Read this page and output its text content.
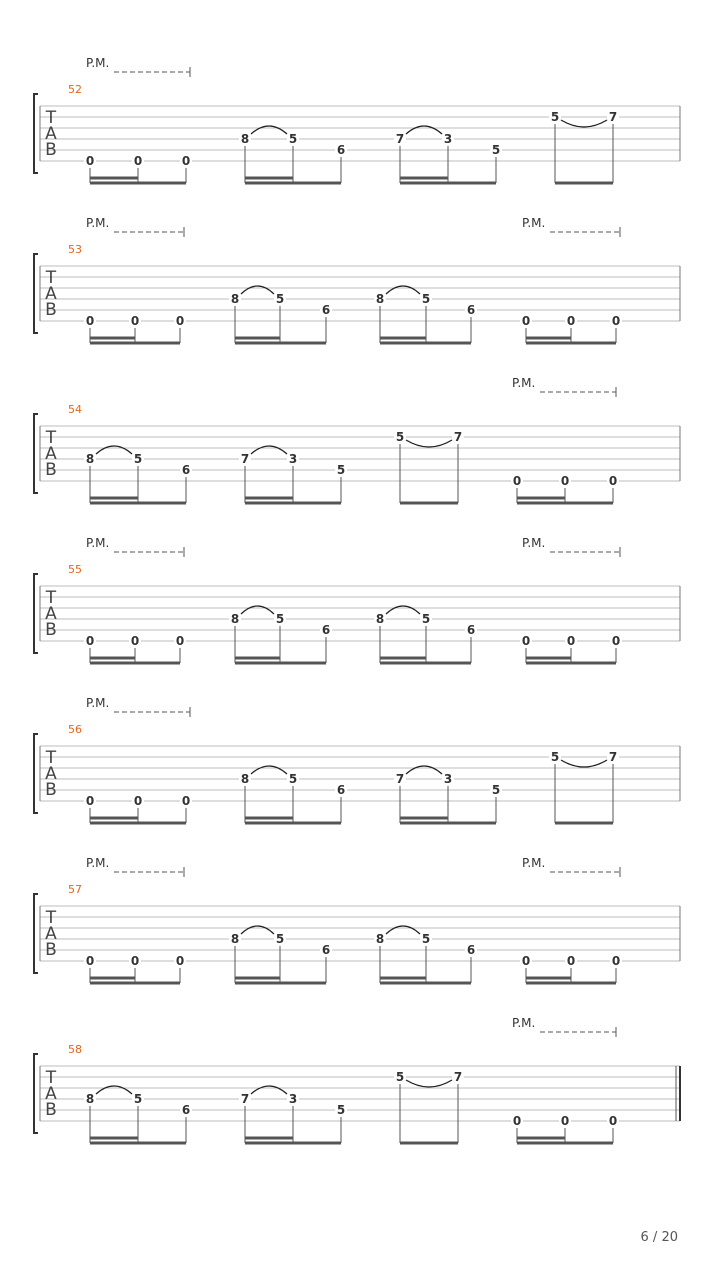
P.M.
52
T
A
B
0	0	0
8	5
6
7	3
5
5	7
P.M.	P.M.
53
T
A
B
0	0	0
8	5
6
8	5
6
0	0	0
P.M.
54
T
A
B
8	5
6
7	3
5
5	7
0	0	0
P.M.	P.M.
55
T
A
B
0	0	0
8	5
6
8	5
6
0	0	0
P.M.
56
T
A
B
0	0	0
8	5
6
7	3
5
5	7
P.M.	P.M.
57
T
A
B
0	0	0
8	5
6
8	5
6
0	0	0
P.M.
58
T
A
B
8	5
6
7	3
5
5	7
0	0	0
6 / 20
